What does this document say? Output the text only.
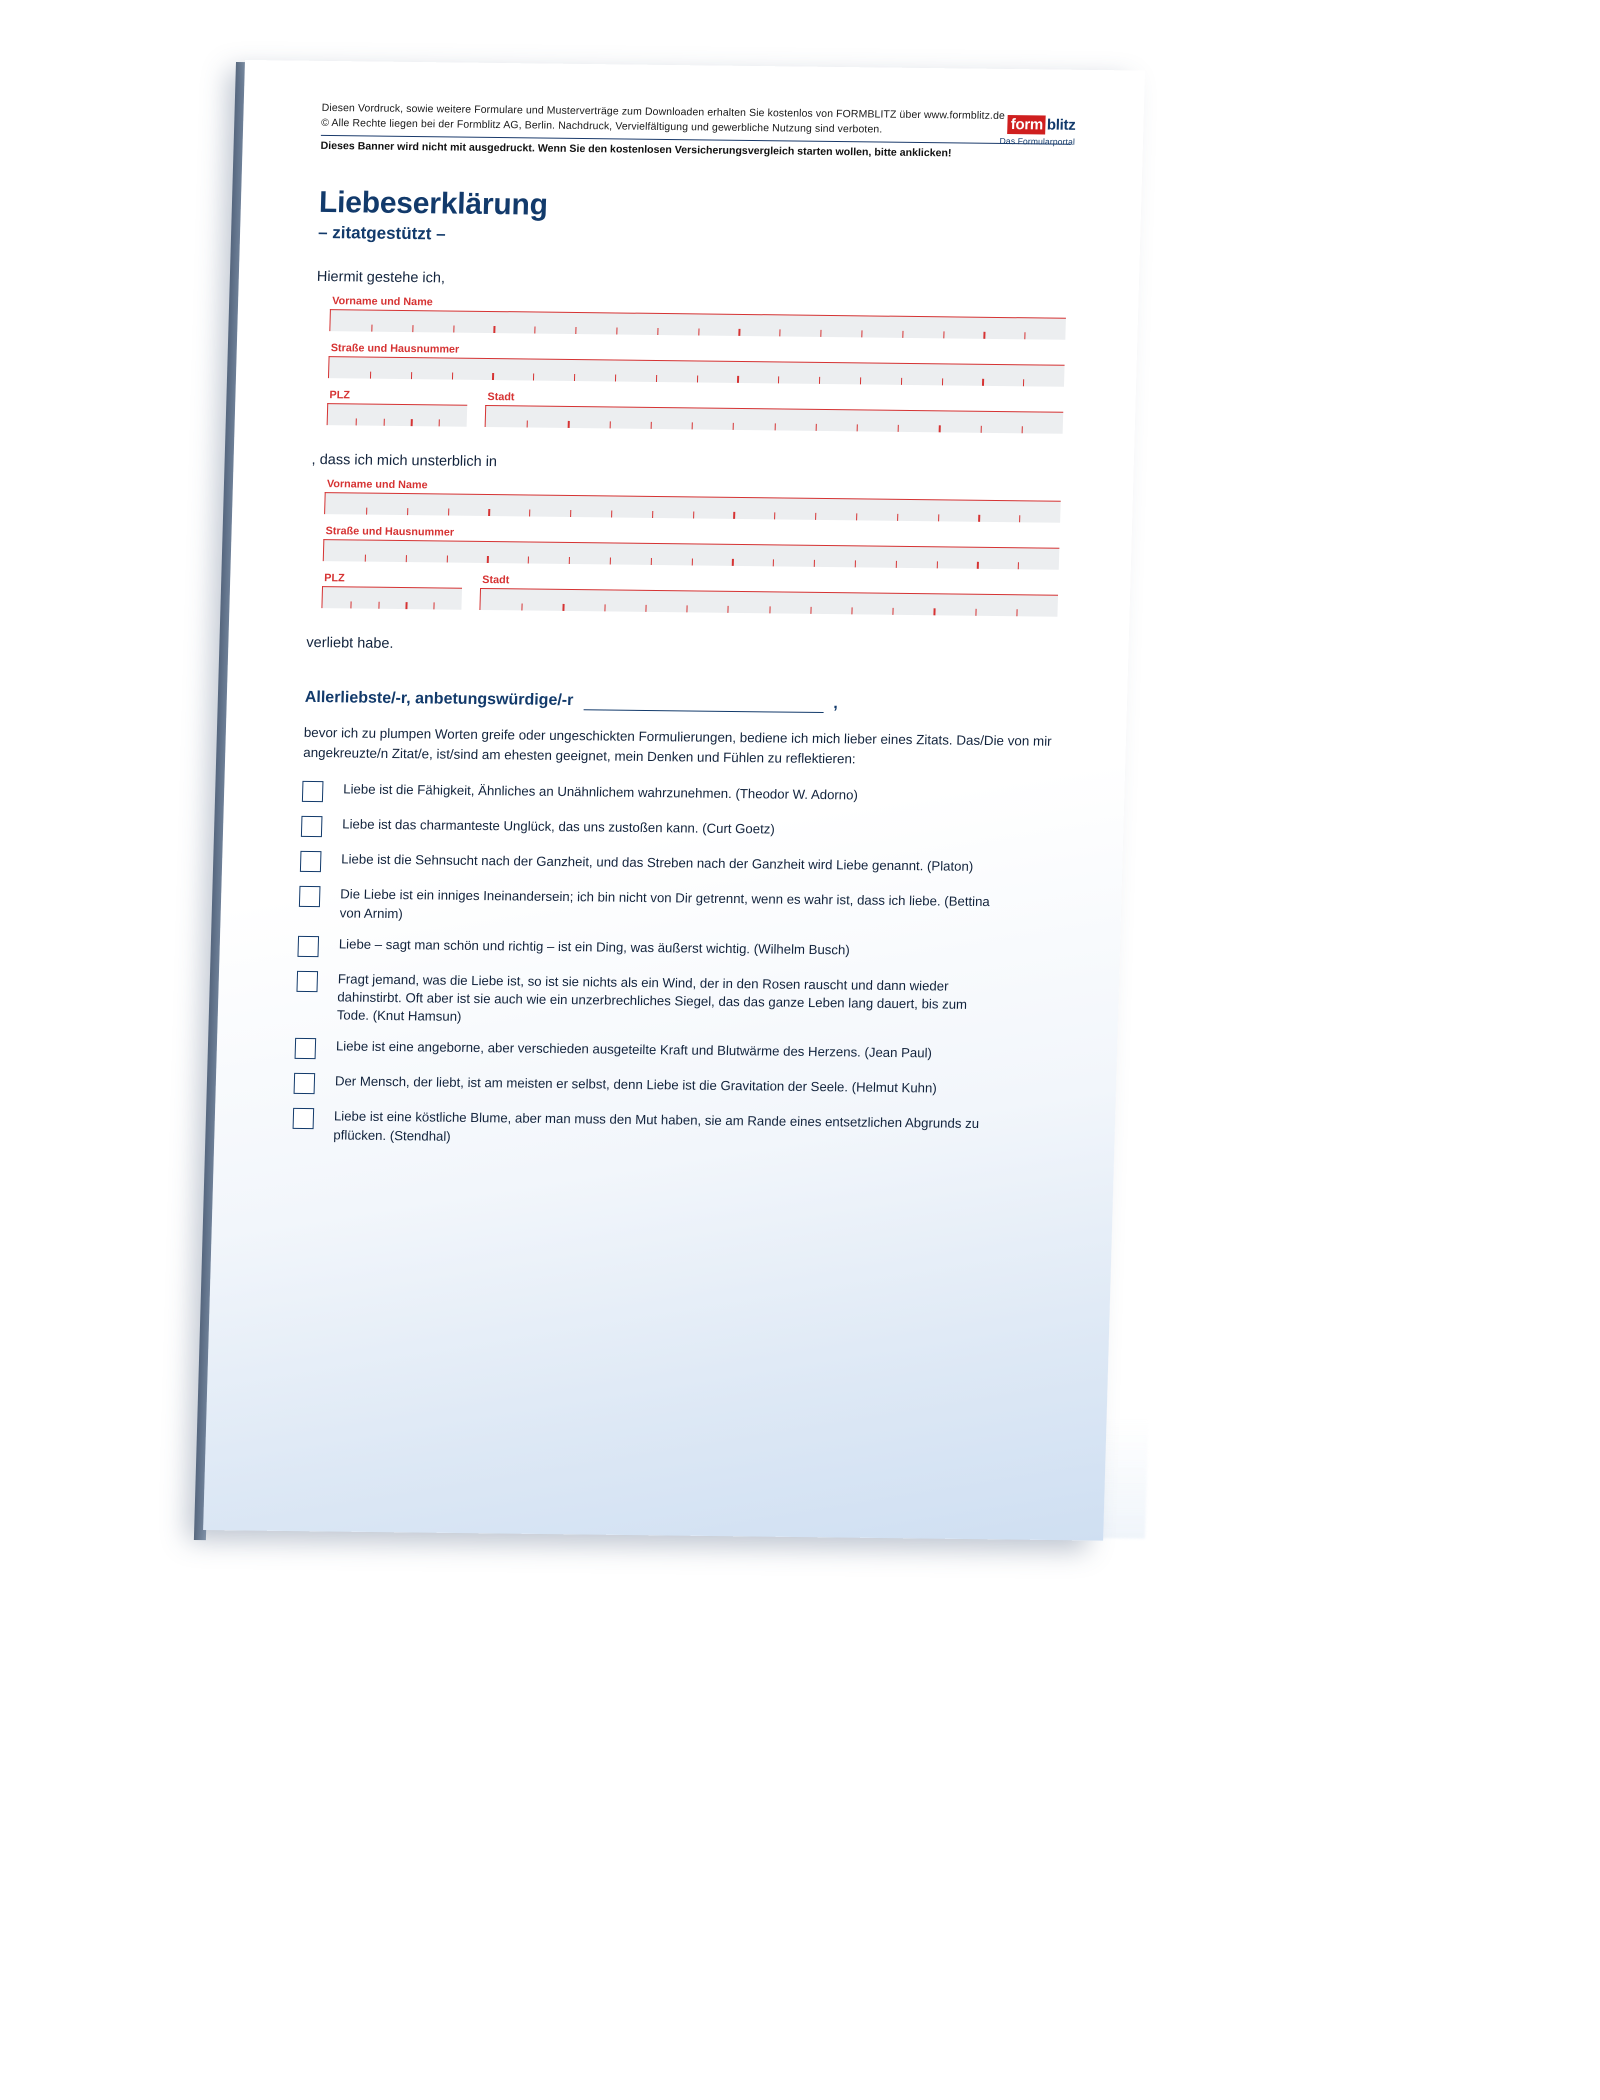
Diesen Vordruck, sowie weitere Formulare und Musterverträge zum Downloaden erhalten Sie kostenlos von FORMBLITZ über www.formblitz.de
© Alle Rechte liegen bei der Formblitz AG, Berlin. Nachdruck, Vervielfältigung und gewerbliche Nutzung sind verboten.
Dieses Banner wird nicht mit ausgedruckt. Wenn Sie den kostenlosen Versicherungsvergleich starten wollen, bitte anklicken!
form blitz
Das Formularportal
Liebeserklärung
– zitatgestützt –
Hiermit gestehe ich,
Vorname und Name
Straße und Hausnummer
PLZ	Stadt
, dass ich mich unsterblich in
Vorname und Name
Straße und Hausnummer
PLZ	Stadt
verliebt habe.
Allerliebste/-r, anbetungswürdige/-r	,
bevor ich zu plumpen Worten greife oder ungeschickten Formulierungen, bediene ich mich lieber eines Zitats. Das/Die von mir angekreuzte/n Zitat/e, ist/sind am ehesten geeignet, mein Denken und Fühlen zu reflektieren:
Liebe ist die Fähigkeit, Ähnliches an Unähnlichem wahrzunehmen. (Theodor W. Adorno)
Liebe ist das charmanteste Unglück, das uns zustoßen kann. (Curt Goetz)
Liebe ist die Sehnsucht nach der Ganzheit, und das Streben nach der Ganzheit wird Liebe genannt. (Platon)
Die Liebe ist ein inniges Ineinandersein; ich bin nicht von Dir getrennt, wenn es wahr ist, dass ich liebe. (Bettina von Arnim)
Liebe – sagt man schön und richtig – ist ein Ding, was äußerst wichtig. (Wilhelm Busch)
Fragt jemand, was die Liebe ist, so ist sie nichts als ein Wind, der in den Rosen rauscht und dann wieder dahinstirbt. Oft aber ist sie auch wie ein unzerbrechliches Siegel, das das ganze Leben lang dauert, bis zum Tode. (Knut Hamsun)
Liebe ist eine angeborne, aber verschieden ausgeteilte Kraft und Blutwärme des Herzens. (Jean Paul)
Der Mensch, der liebt, ist am meisten er selbst, denn Liebe ist die Gravitation der Seele. (Helmut Kuhn)
Liebe ist eine köstliche Blume, aber man muss den Mut haben, sie am Rande eines entsetzlichen Abgrunds zu pflücken. (Stendhal)
